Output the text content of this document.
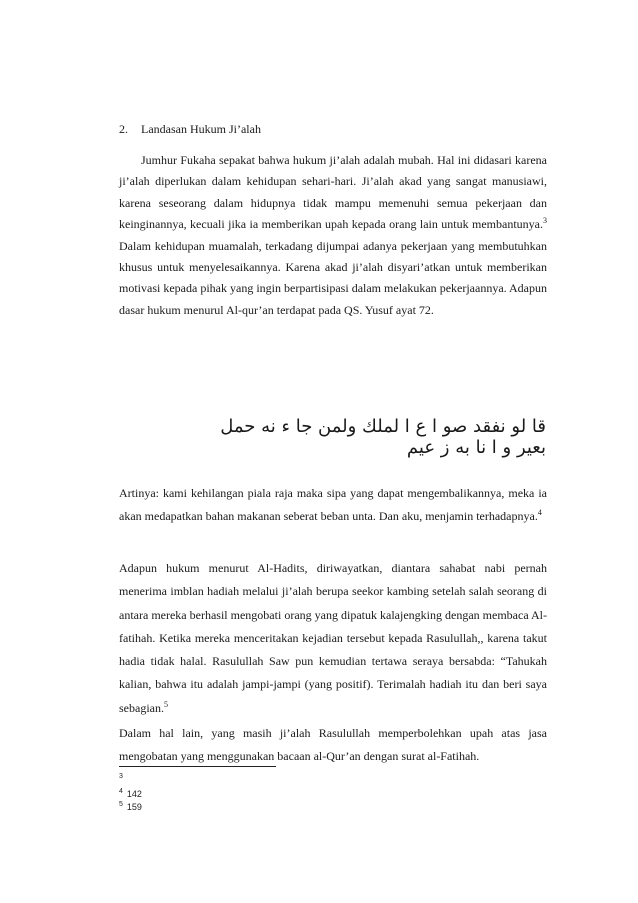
2. Landasan Hukum Ji’alah
Jumhur Fukaha sepakat bahwa hukum ji’alah adalah mubah. Hal ini didasari karena ji’alah diperlukan dalam kehidupan sehari-hari. Ji’alah akad yang sangat manusiawi, karena seseorang dalam hidupnya tidak mampu memenuhi semua pekerjaan dan keinginannya, kecuali jika ia memberikan upah kepada orang lain untuk membantunya.$^3$ Dalam kehidupan muamalah, terkadang dijumpai adanya pekerjaan yang membutuhkan khusus untuk menyelesaikannya. Karena akad ji’alah disyari’atkan untuk memberikan motivasi kepada pihak yang ingin berpartisipasi dalam melakukan pekerjaannya. Adapun dasar hukum menurul Al-qur’an terdapat pada QS. Yusuf ayat 72.
قا لو نفقد صو ا ع ا لملك ولمن جا ء نه حمل بعير و ا نا به ز عيم
Artinya: kami kehilangan piala raja maka sipa yang dapat mengembalikannya, meka ia akan medapatkan bahan makanan seberat beban unta. Dan aku, menjamin terhadapnya.$^4$
Adapun hukum menurut Al-Hadits, diriwayatkan, diantara sahabat nabi pernah menerima imblan hadiah melalui ji’alah berupa seekor kambing setelah salah seorang di antara mereka berhasil mengobati orang yang dipatuk kalajengking dengan membaca Al-fatihah. Ketika mereka menceritakan kejadian tersebut kepada Rasulullah,, karena takut hadia tidak halal. Rasulullah Saw pun kemudian tertawa seraya bersabda: “Tahukah kalian, bahwa itu adalah jampi-jampi (yang positif). Terimalah hadiah itu dan beri saya sebagian.$^5$
Dalam hal lain, yang masih ji’alah Rasulullah memperbolehkan upah atas jasa mengobatan yang menggunakan bacaan al-Qur’an dengan surat al-Fatihah.
$^3$
$^4$ 142
$^5$ 159
